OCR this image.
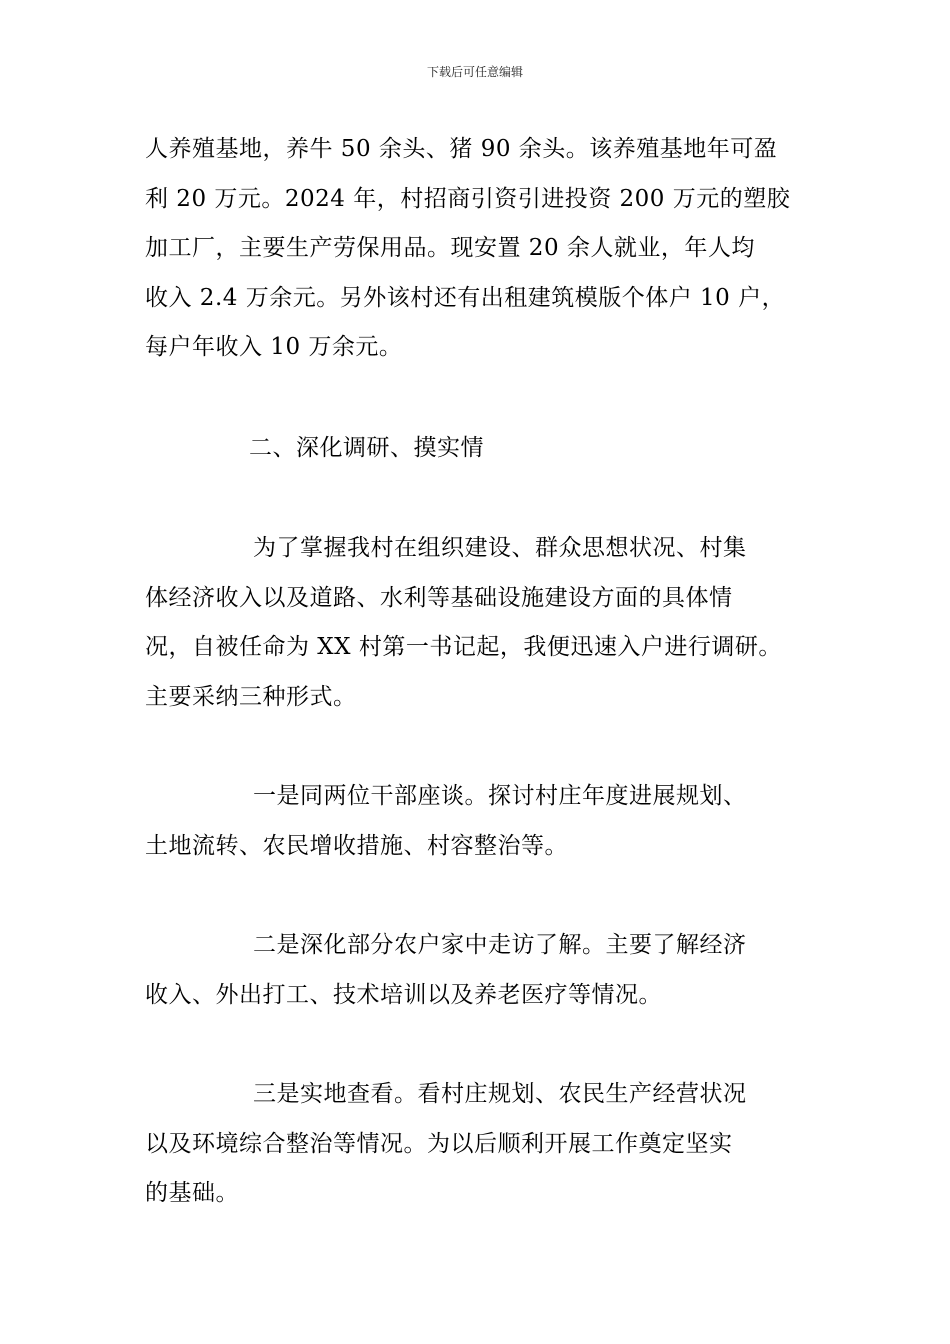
下载后可任意编辑
人养殖基地，养牛 50 余头、猪 90 余头。该养殖基地年可盈
利 20 万元。2024 年，村招商引资引进投资 200 万元的塑胶
加工厂，主要生产劳保用品。现安置 20 余人就业，年人均
收入 2.4 万余元。另外该村还有出租建筑模版个体户 10 户，
每户年收入 10 万余元。
二、深化调研、摸实情
为了掌握我村在组织建设、群众思想状况、村集
体经济收入以及道路、水利等基础设施建设方面的具体情
况，自被任命为 XX 村第一书记起，我便迅速入户进行调研。
主要采纳三种形式。
一是同两位干部座谈。探讨村庄年度进展规划、
土地流转、农民增收措施、村容整治等。
二是深化部分农户家中走访了解。主要了解经济
收入、外出打工、技术培训以及养老医疗等情况。
三是实地查看。看村庄规划、农民生产经营状况
以及环境综合整治等情况。为以后顺利开展工作奠定坚实
的基础。
